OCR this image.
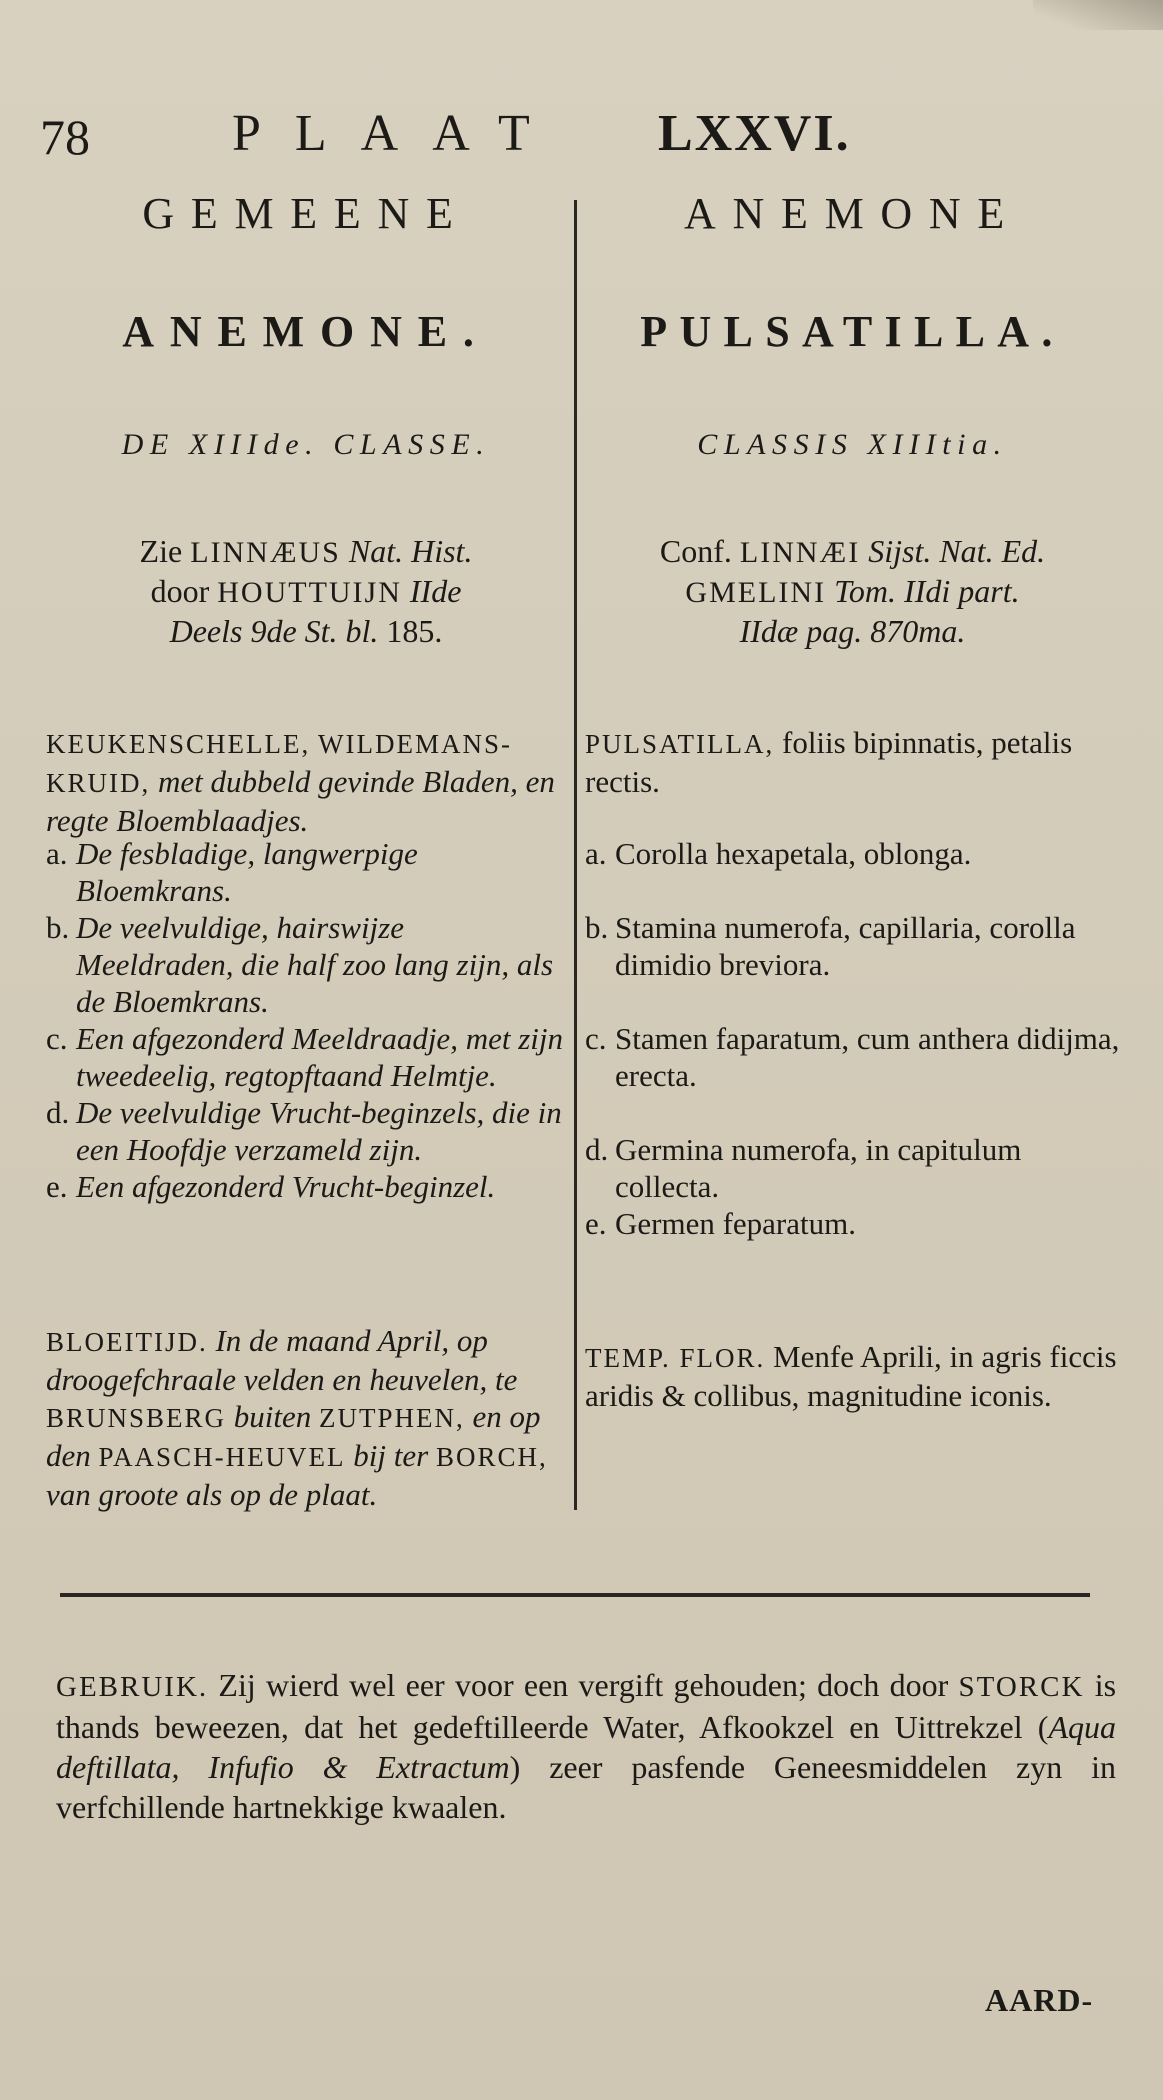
78	PLAAT LXXVI.
GEMEENE
ANEMONE.
DE XIIIde. CLASSE.
Zie LINNÆUS Nat. Hist.
door HOUTTUIJN IIde
Deels 9de St. bl. 185.
KEUKENSCHELLE, WILDEMANS-KRUID, met dubbeld gevinde Bladen, en regte Bloemblaadjes.
a. De fesbladige, langwerpige Bloemkrans.
b. De veelvuldige, hairswijze Meeldraden, die half zoo lang zijn, als de Bloemkrans.
c. Een afgezonderd Meeldraadje, met zijn tweedeelig, regtopftaand Helmtje.
d. De veelvuldige Vrucht-beginzels, die in een Hoofdje verzameld zijn.
e. Een afgezonderd Vrucht-beginzel.
BLOEITIJD. In de maand April, op droogefchraale velden en heuvelen, te BRUNSBERG buiten ZUTPHEN, en op den PAASCH-HEUVEL bij ter BORCH, van groote als op de plaat.
ANEMONE
PULSATILLA.
CLASSIS XIIItia.
Conf. LINNÆI Sijst. Nat. Ed.
GMELINI Tom. IIdi part.
IIdæ pag. 870ma.
PULSATILLA, foliis bipinnatis, petalis rectis.
a. Corolla hexapetala, oblonga.
b. Stamina numerofa, capillaria, corolla dimidio breviora.
c. Stamen faparatum, cum anthera didijma, erecta.
d. Germina numerofa, in capitulum collecta.
e. Germen feparatum.
TEMP. FLOR. Menfe Aprili, in agris ficcis aridis & collibus, magnitudine iconis.
GEBRUIK. Zij wierd wel eer voor een vergift gehouden; doch door STORCK is thands beweezen, dat het gedeftilleerde Water, Afkookzel en Uittrekzel (Aqua deftillata, Infufio & Extractum) zeer pasfende Geneesmiddelen zyn in verfchillende hartnekkige kwaalen.
AARD-
